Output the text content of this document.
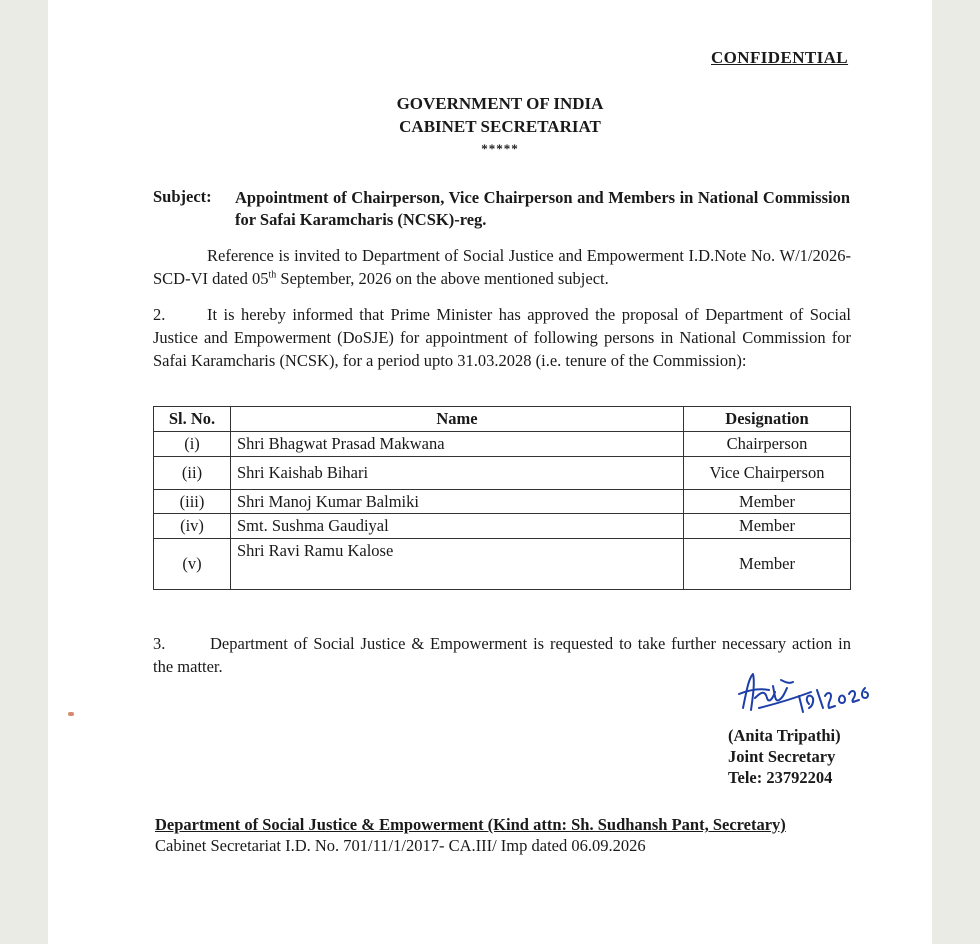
CONFIDENTIAL
GOVERNMENT OF INDIA
CABINET SECRETARIAT
*****
Subject: Appointment of Chairperson, Vice Chairperson and Members in National Commission for Safai Karamcharis (NCSK)-reg.
Reference is invited to Department of Social Justice and Empowerment I.D.Note No. W/1/2026-SCD-VI dated 05th September, 2026 on the above mentioned subject.
2.	It is hereby informed that Prime Minister has approved the proposal of Department of Social Justice and Empowerment (DoSJE) for appointment of following persons in National Commission for Safai Karamcharis (NCSK), for a period upto 31.03.2028 (i.e. tenure of the Commission):
Sl. No.	Name	Designation
(i)	Shri Bhagwat Prasad Makwana	Chairperson
(ii)	Shri Kaishab Bihari	Vice Chairperson
(iii)	Shri Manoj Kumar Balmiki	Member
(iv)	Smt. Sushma Gaudiyal	Member
(v)	Shri Ravi Ramu Kalose	Member
3.	Department of Social Justice & Empowerment is requested to take further necessary action in the matter.
(Anita Tripathi)
Joint Secretary
Tele: 23792204
Department of Social Justice & Empowerment (Kind attn: Sh. Sudhansh Pant, Secretary)
Cabinet Secretariat I.D. No. 701/11/1/2017- CA.III/ Imp dated 06.09.2026
